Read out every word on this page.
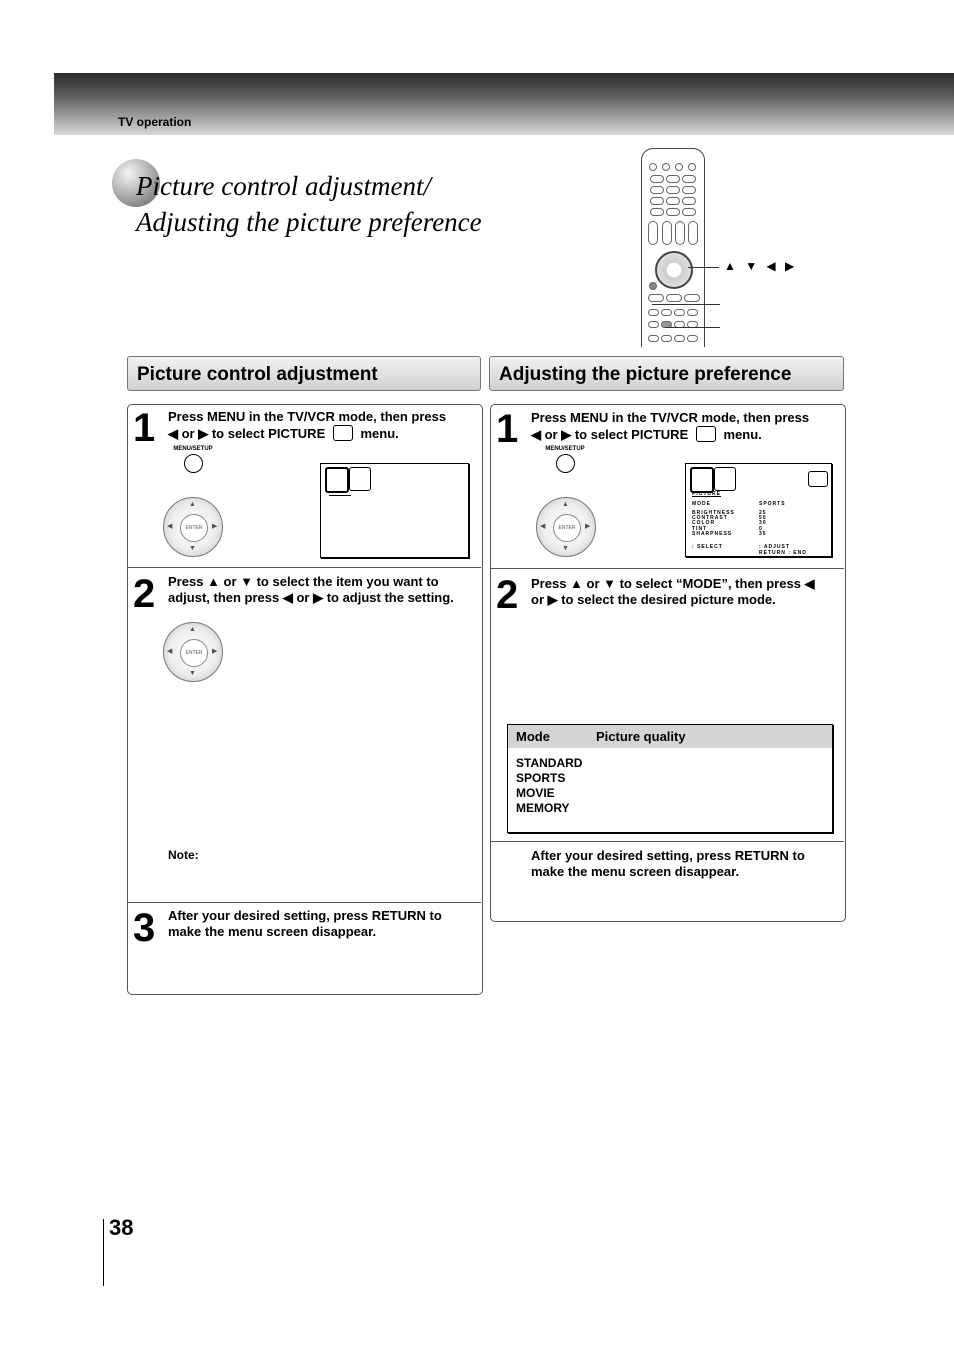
TV operation
Picture control adjustment/
Adjusting the picture preference
▲ ▼ ◀ ▶
Picture control adjustment
1 Press MENU in the TV/VCR mode, then press
◀ or ▶ to select PICTURE	menu.
MENU/SETUP
▲
▼
◀	▶
ENTER
2 Press ▲ or ▼ to select the item you want to
adjust, then press ◀ or ▶ to adjust the setting.
▲
▼
◀	▶
ENTER
Note:
3 After your desired setting, press RETURN to
make the menu screen disappear.
Adjusting the picture preference
1 Press MENU in the TV/VCR mode, then press
◀ or ▶ to select PICTURE	menu.
MENU/SETUP
▲
▼
◀	▶
ENTER
PICTURE
MODE	SPORTS
BRIGHTNESS	25
CONTRAST	50
COLOR	30
TINT	0
SHARPNESS	35
: SELECT	: ADJUST
RETURN : END
2 Press ▲ or ▼ to select “MODE”, then press ◀
or ▶ to select the desired picture mode.
Mode	Picture quality
STANDARD
SPORTS
MOVIE
MEMORY
After your desired setting, press RETURN to
make the menu screen disappear.
38
